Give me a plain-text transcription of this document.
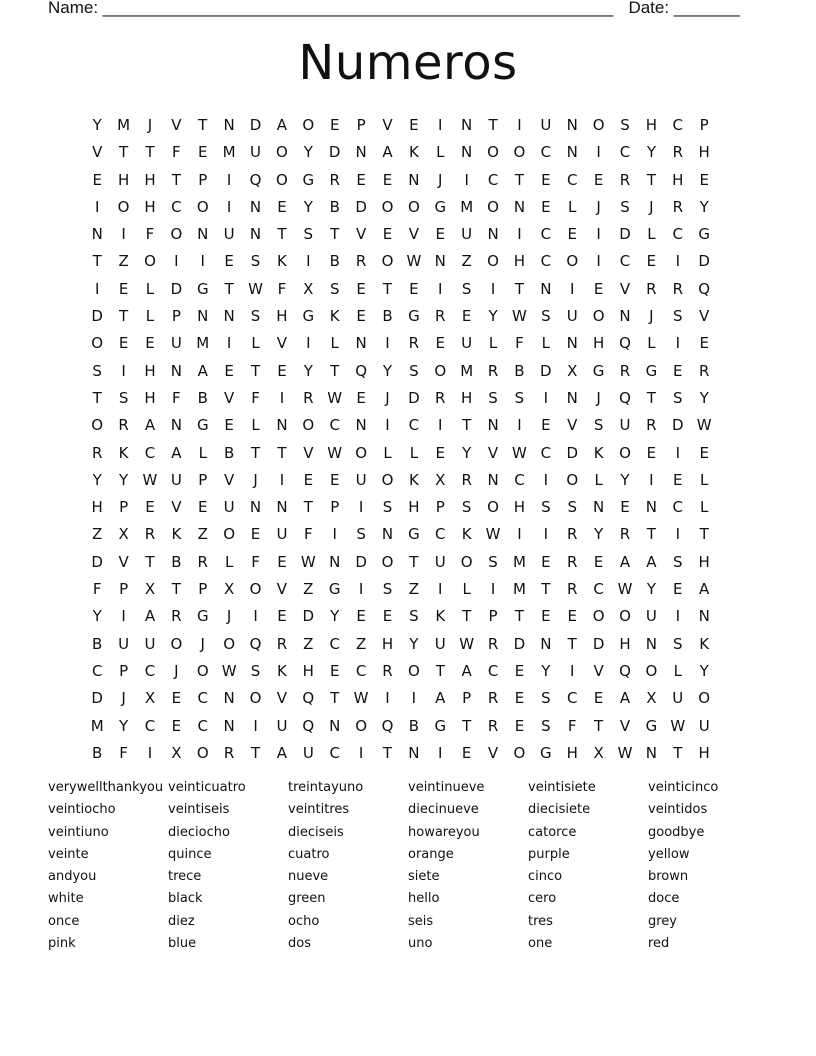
Name: ______________________________________________________ Date: _______
Numeros
Y	M	J	V	T	N	D	A	O	E	P	V	E	I	N	T	I	U	N	O	S	H	C	P
V	T	T	F	E	M	U	O	Y	D	N	A	K	L	N	O	O	C	N	I	C	Y	R	H
E	H	H	T	P	I	Q	O	G	R	E	E	N	J	I	C	T	E	C	E	R	T	H	E
I	O	H	C	O	I	N	E	Y	B	D	O	O	G	M	O	N	E	L	J	S	J	R	Y
N	I	F	O	N	U	N	T	S	T	V	E	V	E	U	N	I	C	E	I	D	L	C	G
T	Z	O	I	I	E	S	K	I	B	R	O	W	N	Z	O	H	C	O	I	C	E	I	D
I	E	L	D	G	T	W	F	X	S	E	T	E	I	S	I	T	N	I	E	V	R	R	Q
D	T	L	P	N	N	S	H	G	K	E	B	G	R	E	Y	W	S	U	O	N	J	S	V
O	E	E	U	M	I	L	V	I	L	N	I	R	E	U	L	F	L	N	H	Q	L	I	E
S	I	H	N	A	E	T	E	Y	T	Q	Y	S	O	M	R	B	D	X	G	R	G	E	R
T	S	H	F	B	V	F	I	R	W	E	J	D	R	H	S	S	I	N	J	Q	T	S	Y
O	R	A	N	G	E	L	N	O	C	N	I	C	I	T	N	I	E	V	S	U	R	D	W
R	K	C	A	L	B	T	T	V	W	O	L	L	E	Y	V	W	C	D	K	O	E	I	E
Y	Y	W	U	P	V	J	I	E	E	U	O	K	X	R	N	C	I	O	L	Y	I	E	L
H	P	E	V	E	U	N	N	T	P	I	S	H	P	S	O	H	S	S	N	E	N	C	L
Z	X	R	K	Z	O	E	U	F	I	S	N	G	C	K	W	I	I	R	Y	R	T	I	T
D	V	T	B	R	L	F	E	W	N	D	O	T	U	O	S	M	E	R	E	A	A	S	H
F	P	X	T	P	X	O	V	Z	G	I	S	Z	I	L	I	M	T	R	C	W	Y	E	A
Y	I	A	R	G	J	I	E	D	Y	E	E	S	K	T	P	T	E	E	O	O	U	I	N
B	U	U	O	J	O	Q	R	Z	C	Z	H	Y	U	W	R	D	N	T	D	H	N	S	K
C	P	C	J	O	W	S	K	H	E	C	R	O	T	A	C	E	Y	I	V	Q	O	L	Y
D	J	X	E	C	N	O	V	Q	T	W	I	I	A	P	R	E	S	C	E	A	X	U	O
M	Y	C	E	C	N	I	U	Q	N	O	Q	B	G	T	R	E	S	F	T	V	G	W	U
B	F	I	X	O	R	T	A	U	C	I	T	N	I	E	V	O	G	H	X	W	N	T	H
verywellthankyou veinticuatro	treintayuno	veintinueve	veintisiete	veinticinco
veintiocho	veintiseis	veintitres	diecinueve	diecisiete	veintidos
veintiuno	dieciocho	dieciseis	howareyou	catorce	goodbye
veinte	quince	cuatro	orange	purple	yellow
andyou	trece	nueve	siete	cinco	brown
white	black	green	hello	cero	doce
once	diez	ocho	seis	tres	grey
pink	blue	dos	uno	one	red
